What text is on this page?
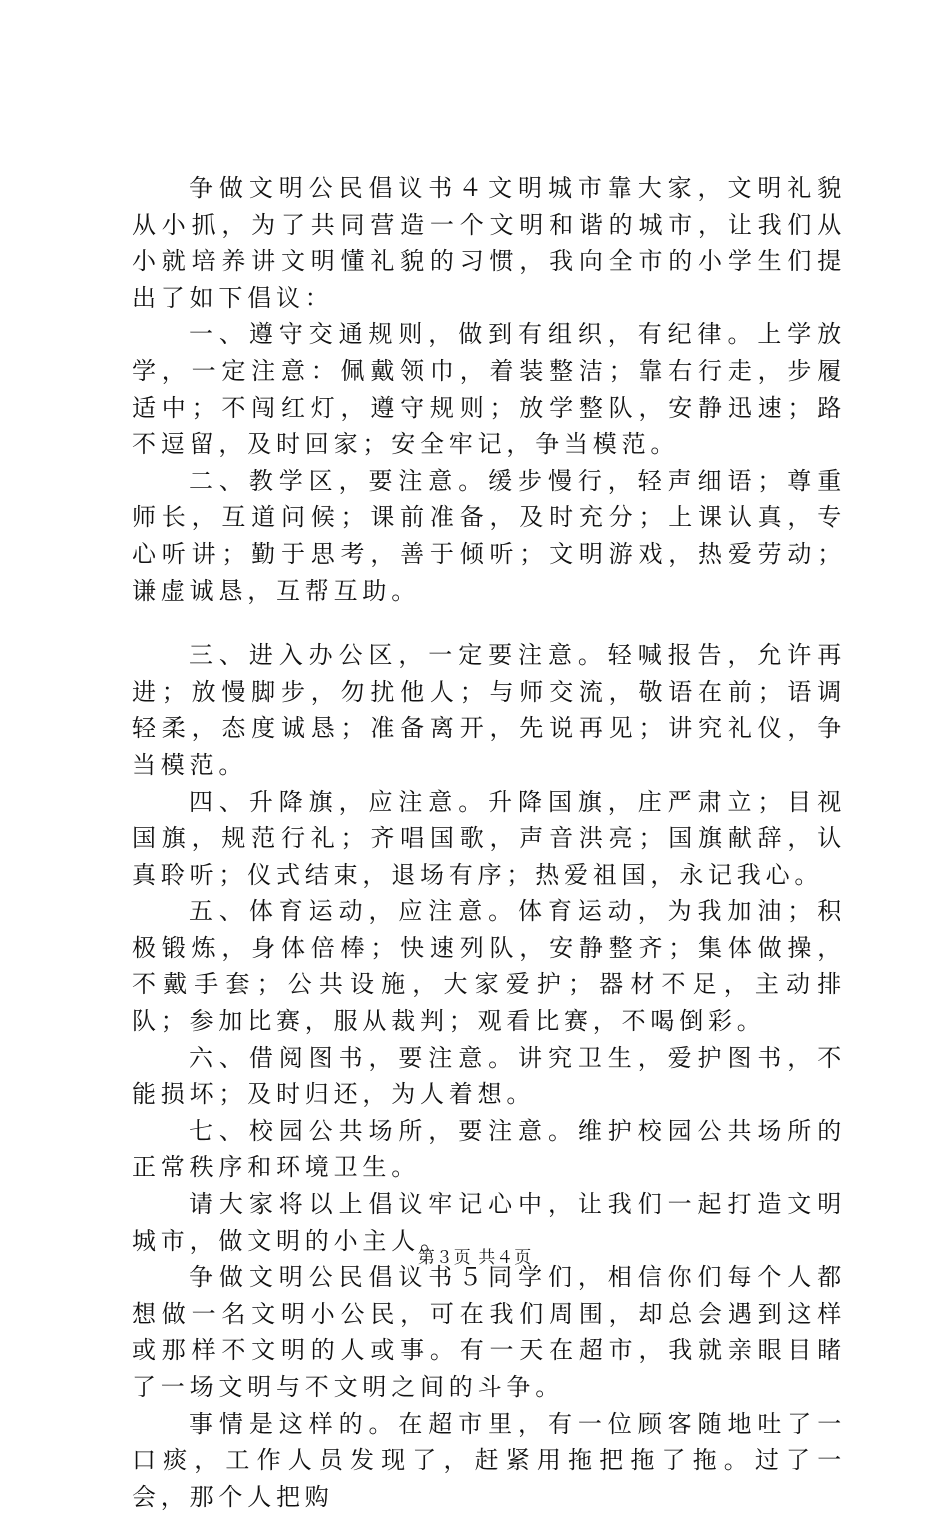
争做文明公民倡议书４文明城市靠大家，文明礼貌从小抓，为了共同营造一个文明和谐的城市，让我们从小就培养讲文明懂礼貌的习惯，我向全市的小学生们提出了如下倡议：

一、遵守交通规则，做到有组织，有纪律。上学放学，一定注意：佩戴领巾，着装整洁；靠右行走，步履适中；不闯红灯，遵守规则；放学整队，安静迅速；路不逗留，及时回家；安全牢记，争当模范。

二、教学区，要注意。缓步慢行，轻声细语；尊重师长，互道问候；课前准备，及时充分；上课认真，专心听讲；勤于思考，善于倾听；文明游戏，热爱劳动；谦虚诚恳，互帮互助。

三、进入办公区，一定要注意。轻喊报告，允许再进；放慢脚步，勿扰他人；与师交流，敬语在前；语调轻柔，态度诚恳；准备离开，先说再见；讲究礼仪，争当模范。

四、升降旗，应注意。升降国旗，庄严肃立；目视国旗，规范行礼；齐唱国歌，声音洪亮；国旗献辞，认真聆听；仪式结束，退场有序；热爱祖国，永记我心。

五、体育运动，应注意。体育运动，为我加油；积极锻炼，身体倍棒；快速列队，安静整齐；集体做操，不戴手套；公共设施，大家爱护；器材不足，主动排队；参加比赛，服从裁判；观看比赛，不喝倒彩。

六、借阅图书，要注意。讲究卫生，爱护图书，不能损坏；及时归还，为人着想。

七、校园公共场所，要注意。维护校园公共场所的正常秩序和环境卫生。

请大家将以上倡议牢记心中，让我们一起打造文明城市，做文明的小主人。

争做文明公民倡议书５同学们，相信你们每个人都想做一名文明小公民，可在我们周围，却总会遇到这样或那样不文明的人或事。有一天在超市，我就亲眼目睹了一场文明与不文明之间的斗争。

事情是这样的。在超市里，有一位顾客随地吐了一口痰，工作人员发现了，赶紧用拖把拖了拖。过了一会，那个人把购

第３页 共４页
